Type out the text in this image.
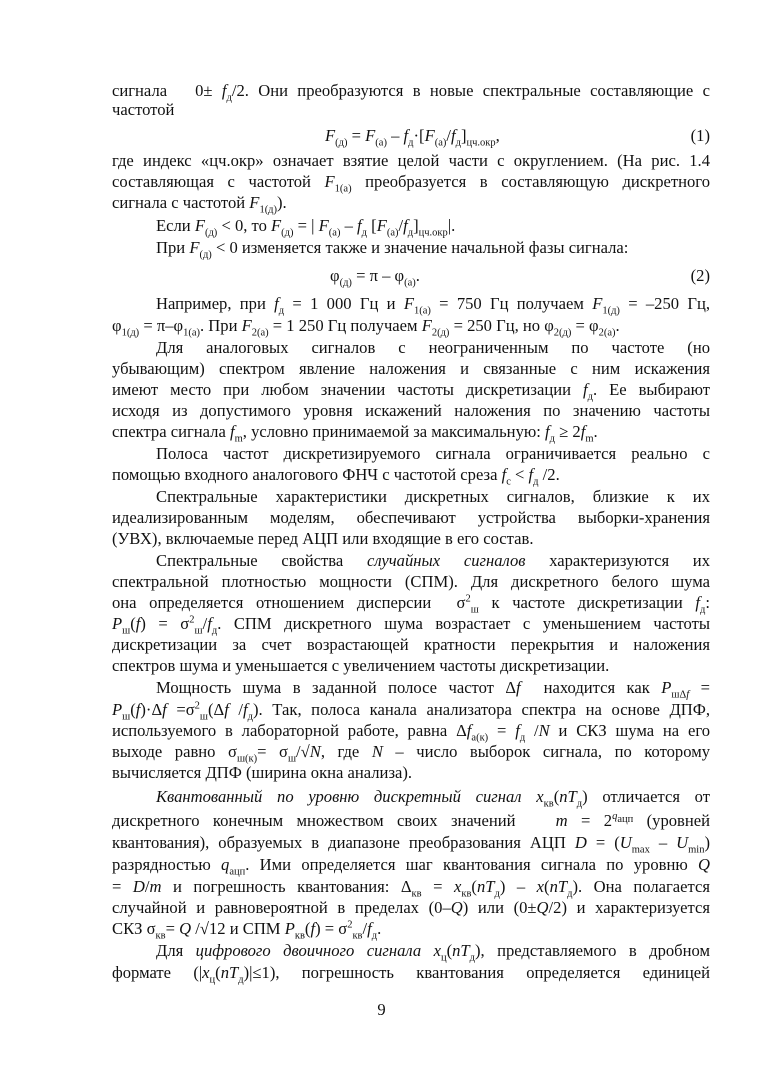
сигнала   $0\pm f_д/2$. Они преобразуются в новые спектральные составляющие с
частотой
$F_{(д)} = F_{(а)} - f_д\cdot[F_{(а)}/f_д]_{цч.окр}$,	(1)
где индекс «цч.окр» означает взятие целой части с округлением. (На рис. 1.4
составляющая с частотой $F_{1(а)}$ преобразуется в составляющую дискретного
сигнала с частотой $F_{1(д)}$).
Если $F_{(д)} < 0$, то $F_{(д)}$ = | $F_{(а)} - f_д$ $[F_{(а)}/f_д]_{цч.окр}|$.
При $F_{(д)} < 0$ изменяется также и значение начальной фазы сигнала:
$\varphi_{(д)} = \pi - \varphi_{(а)}$.	(2)
Например, при $f_д = 1$ 000 Гц и $F_{1(а)} = 750$ Гц получаем $F_{1(д)} = -250$ Гц,
$\varphi_{1(д)} = \pi-\varphi_{1(а)}$. При $F_{2(а)} = 1$ 250 Гц получаем $F_{2(д)} = 250$ Гц, но $\varphi_{2(д)} = \varphi_{2(а)}$.
Для аналоговых сигналов с неограниченным по частоте (но
убывающим) спектром явление наложения и связанные с ним искажения
имеют место при любом значении частоты дискретизации $f_д$. Ее выбирают
исходя из допустимого уровня искажений наложения по значению частоты
спектра сигнала $f_m$, условно принимаемой за максимальную: $f_д \ge 2f_m$.
Полоса частот дискретизируемого сигнала ограничивается реально с
помощью входного аналогового ФНЧ с частотой среза $f_c < f_д$ /2.
Спектральные характеристики дискретных сигналов, близкие к их
идеализированным моделям, обеспечивают устройства выборки-хранения
(УВХ), включаемые перед АЦП или входящие в его состав.
Спектральные свойства случайных сигналов характеризуются их
спектральной плотностью мощности (СПМ). Для дискретного белого шума
она определяется отношением дисперсии  $\sigma^2_ш$ к частоте дискретизации $f_д$:
$P_ш(f) = \sigma^2_ш/f_д$. СПМ дискретного шума возрастает с уменьшением частоты
дискретизации за счет возрастающей кратности перекрытия и наложения
спектров шума и уменьшается с увеличением частоты дискретизации.
Мощность шума в заданной полосе частот Δf  находится как $P_{ш\Delta f}$ =
$P_ш(f)\cdot\Delta f =\sigma^2_ш(\Delta f$ $/f_д$). Так, полоса канала анализатора спектра на основе ДПФ,
используемого в лабораторной работе, равна $\Delta f_{а(к)} = f_д$ /N и СКЗ шума на его
выходе равно $\sigma_{ш(к)}= \sigma_ш/√N$, где N – число выборок сигнала, по которому
вычисляется ДПФ (ширина окна анализа).
Квантованный по уровню дискретный сигнал $x_{кв}(nT_д)$ отличается от
дискретного конечным множеством своих значений   $m = 2^{q_{ацп}}$ (уровней
квантования), образуемых в диапазоне преобразования АЦП $D = (U_{max} - U_{min})$
разрядностью $q_{ацп}$. Ими определяется шаг квантования сигнала по уровню Q
= D/m и погрешность квантования: $\Delta_{кв} = x_{кв}(nT_д) - x(nT_д)$. Она полагается
случайной и равновероятной в пределах (0–Q) или (0±Q/2) и характеризуется
СКЗ $\sigma_{кв}= Q$ /√12 и СПМ $P_{кв}(f) = \sigma^2_{кв}/f_д$.
Для цифрового двоичного сигнала $x_ц(nT_д)$, представляемого в дробном
формате $(|x_ц(nT_д)|\le 1)$, погрешность квантования определяется единицей
9
